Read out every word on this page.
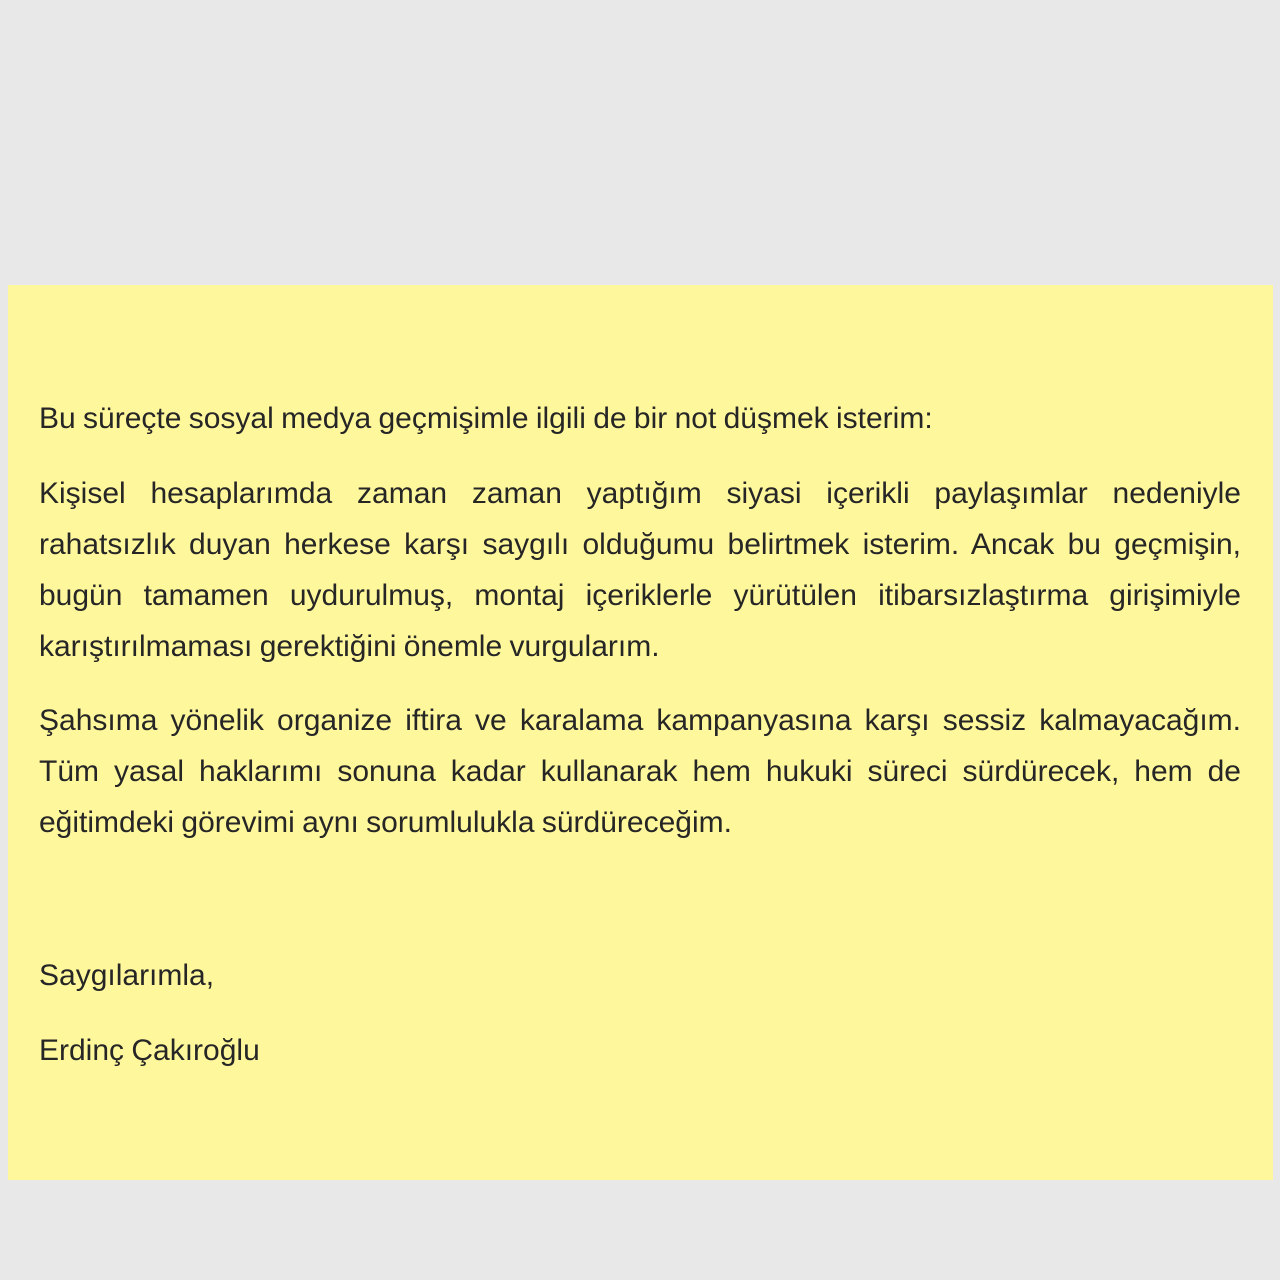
Bu süreçte sosyal medya geçmişimle ilgili de bir not düşmek isterim:

Kişisel hesaplarımda zaman zaman yaptığım siyasi içerikli paylaşımlar nedeniyle rahatsızlık duyan herkese karşı saygılı olduğumu belirtmek isterim. Ancak bu geçmişin, bugün tamamen uydurulmuş, montaj içeriklerle yürütülen itibarsızlaştırma girişimiyle karıştırılmaması gerektiğini önemle vurgularım.

Şahsıma yönelik organize iftira ve karalama kampanyasına karşı sessiz kalmayacağım. Tüm yasal haklarımı sonuna kadar kullanarak hem hukuki süreci sürdürecek, hem de eğitimdeki görevimi aynı sorumlulukla sürdüreceğim.

Saygılarımla,

Erdinç Çakıroğlu
